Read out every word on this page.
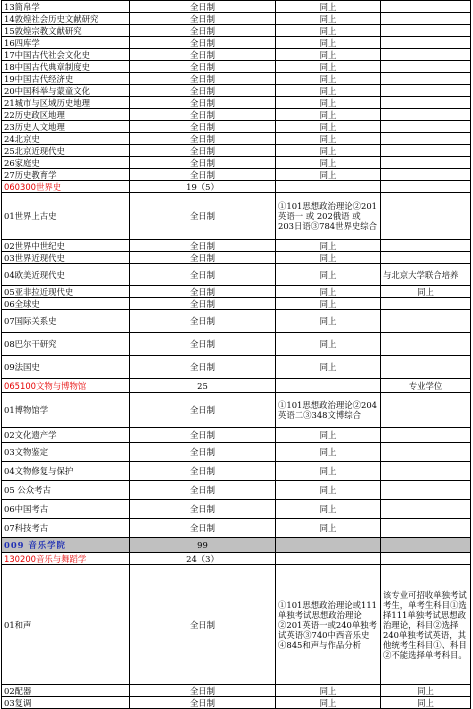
13简帛学	全日制	同上	
14敦煌社会历史文献研究	全日制	同上	
15敦煌宗教文献研究	全日制	同上	
16四库学	全日制	同上	
17中国古代社会文化史	全日制	同上	
18中国古代典章制度史	全日制	同上	
19中国古代经济史	全日制	同上	
20中国科举与蒙童文化	全日制	同上	
21城市与区域历史地理	全日制	同上	
22历史政区地理	全日制	同上	
23历史人文地理	全日制	同上	
24北京史	全日制	同上	
25北京近现代史	全日制	同上	
26家庭史	全日制	同上	
27历史教育学	全日制	同上	
060300世界史	19（5）		
01世界上古史	全日制	①101思想政治理论②201英语一 或 202俄语 或 203日语③784世界史综合	
02世界中世纪史	全日制	同上	
03世界近现代史	全日制	同上	
04欧美近现代史	全日制	同上	与北京大学联合培养
05亚非拉近现代史	全日制	同上	同上
06全球史	全日制	同上	
07国际关系史	全日制	同上	
08巴尔干研究	全日制	同上	
09法国史	全日制	同上	
065100文物与博物馆	25		专业学位
01博物馆学	全日制	①101思想政治理论②204英语二③348文博综合	
02文化遗产学	全日制	同上	
03文物鉴定	全日制	同上	
04文物修复与保护	全日制	同上	
05 公众考古	全日制	同上	
06中国考古	全日制	同上	
07科技考古	全日制	同上	
009 音乐学院	99		
130200音乐与舞蹈学	24（3）		
01和声	全日制	①101思想政治理论或111单独考试思想政治理论②201英语一或240单独考试英语③740中西音乐史④845和声与作品分析	该专业可招收单独考试考生，单考生科目①选择111单独考试思想政治理论，科目②选择240单独考试英语，其他统考生科目①、科目②不能选择单考科目。
02配器	全日制	同上	同上
03复调	全日制	同上	同上
